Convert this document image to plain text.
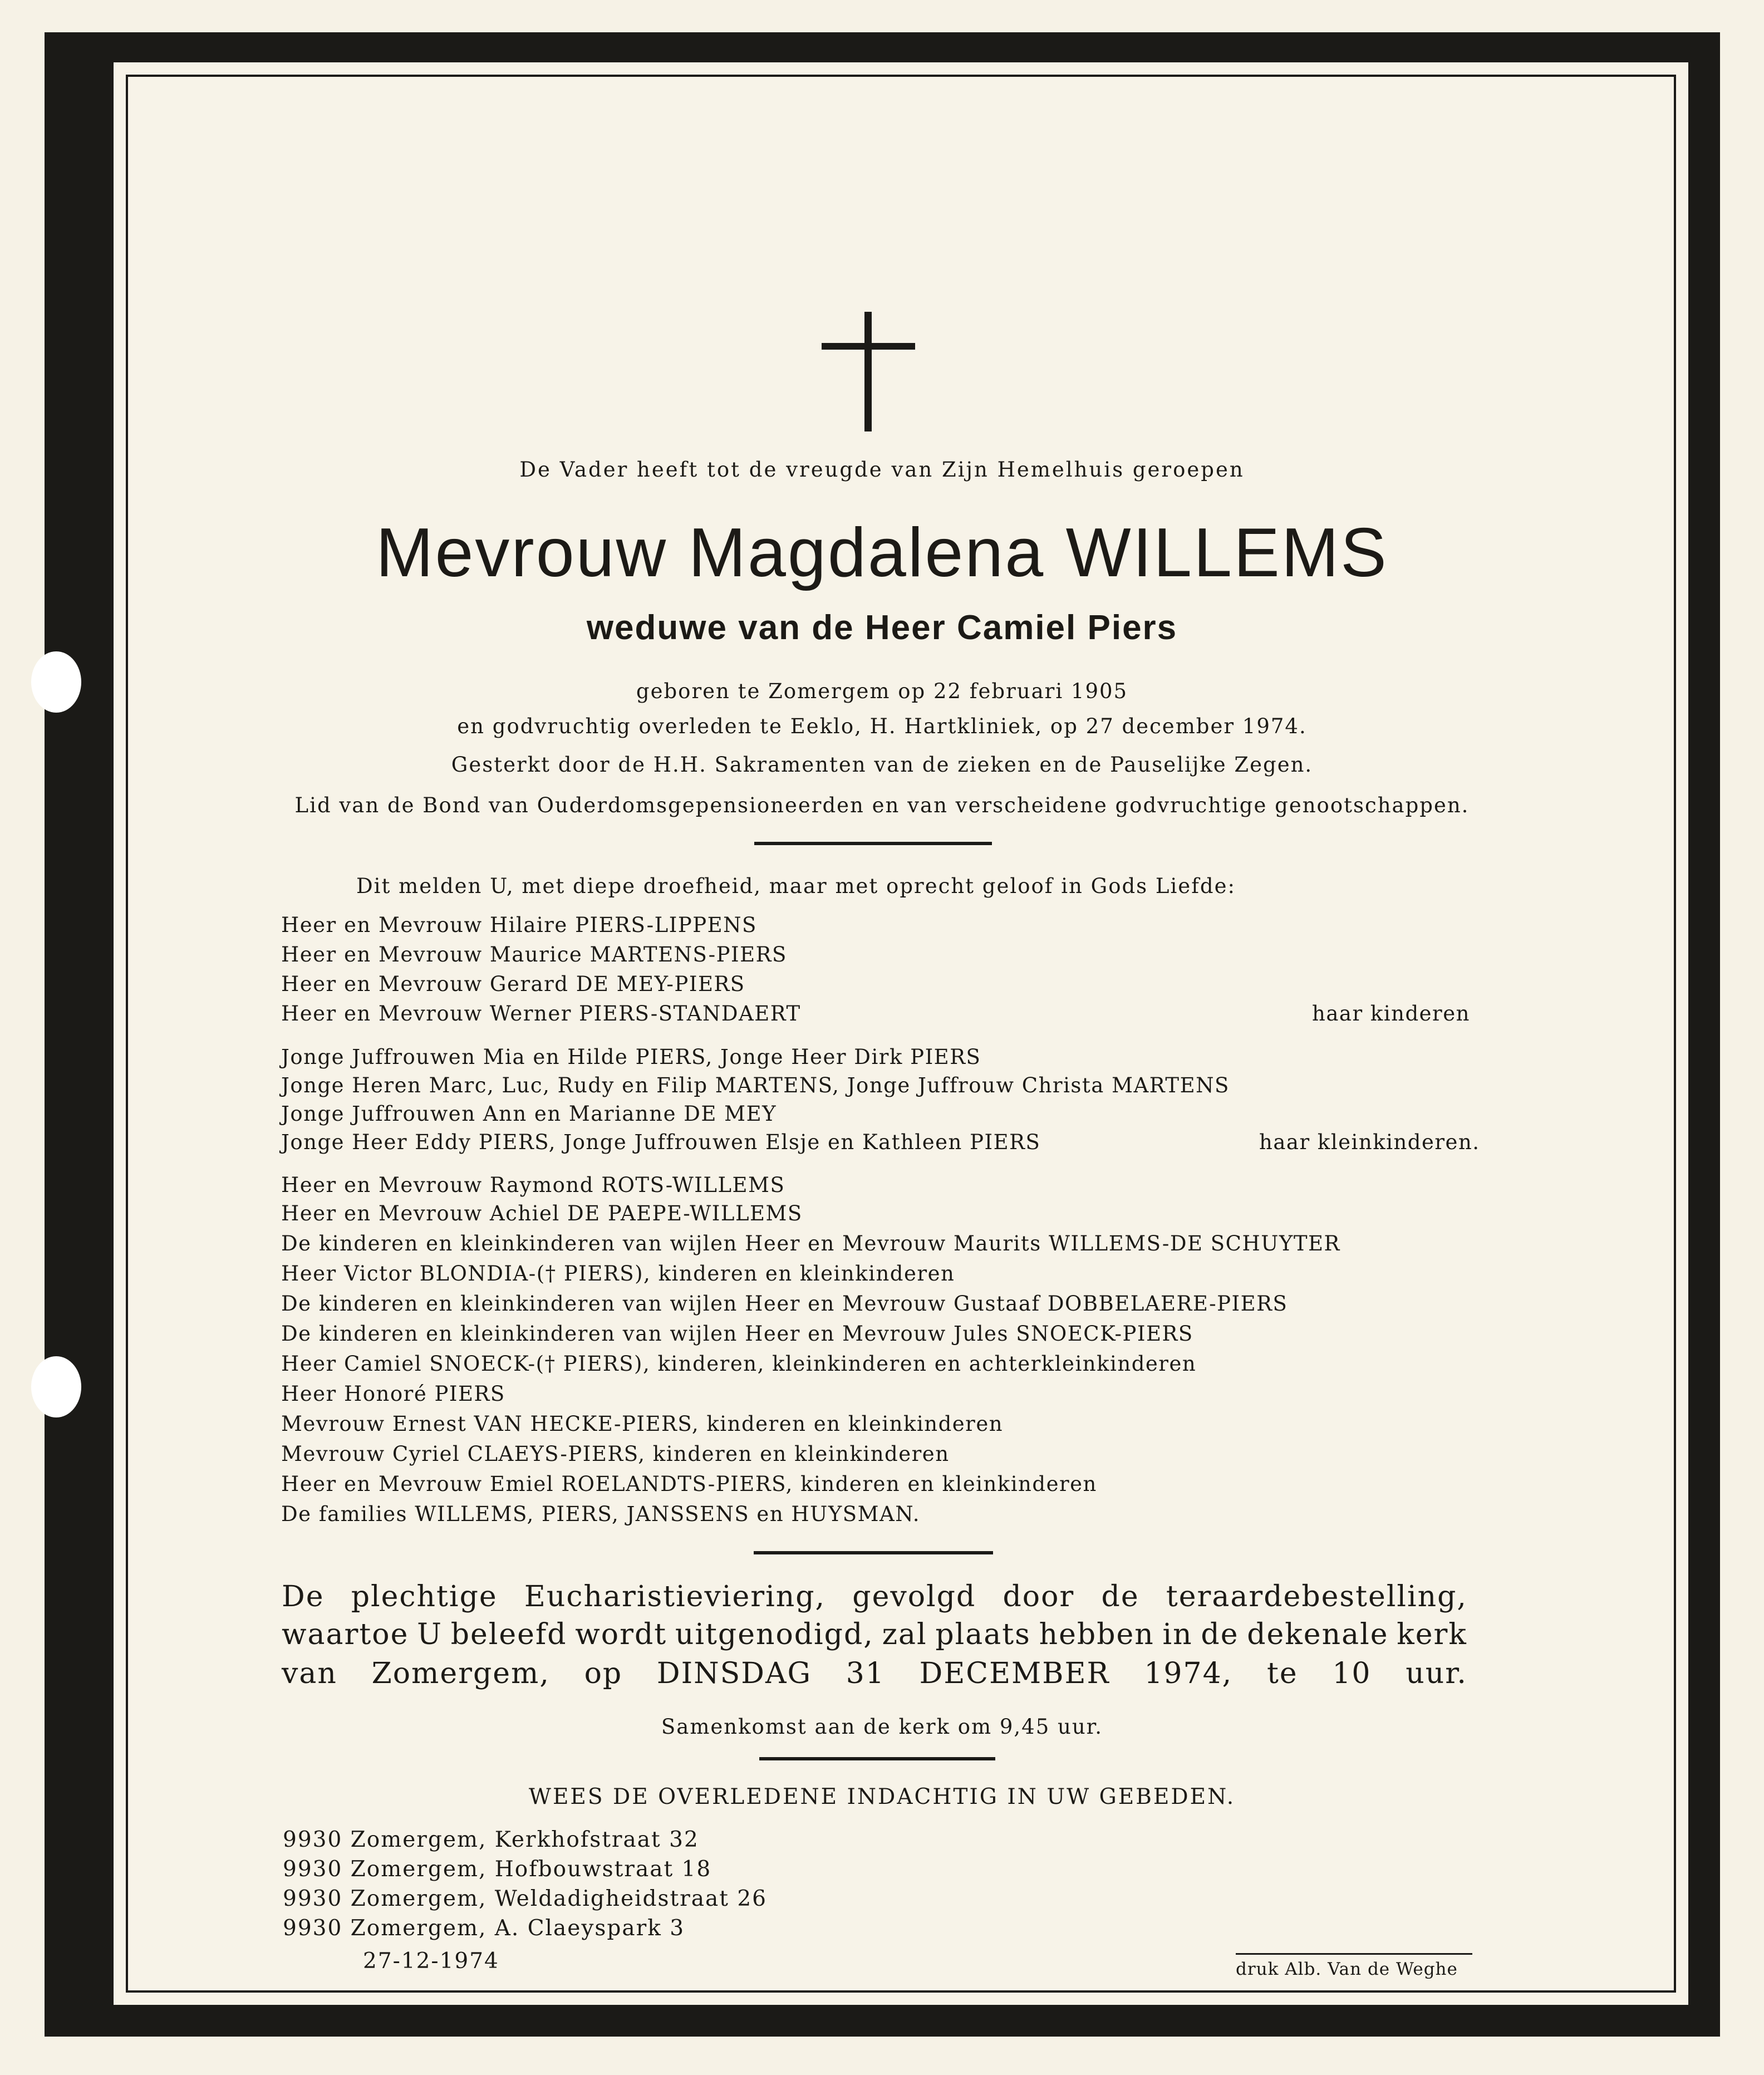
De Vader heeft tot de vreugde van Zijn Hemelhuis geroepen
Mevrouw Magdalena WILLEMS
weduwe van de Heer Camiel Piers
geboren te Zomergem op 22 februari 1905
en godvruchtig overleden te Eeklo, H. Hartkliniek, op 27 december 1974.
Gesterkt door de H.H. Sakramenten van de zieken en de Pauselijke Zegen.
Lid van de Bond van Ouderdomsgepensioneerden en van verscheidene godvruchtige genootschappen.
Dit melden U, met diepe droefheid, maar met oprecht geloof in Gods Liefde:
Heer en Mevrouw Hilaire PIERS-LIPPENS
Heer en Mevrouw Maurice MARTENS-PIERS
Heer en Mevrouw Gerard DE MEY-PIERS
Heer en Mevrouw Werner PIERS-STANDAERT	haar kinderen
Jonge Juffrouwen Mia en Hilde PIERS, Jonge Heer Dirk PIERS
Jonge Heren Marc, Luc, Rudy en Filip MARTENS, Jonge Juffrouw Christa MARTENS
Jonge Juffrouwen Ann en Marianne DE MEY
Jonge Heer Eddy PIERS, Jonge Juffrouwen Elsje en Kathleen PIERS	haar kleinkinderen.
Heer en Mevrouw Raymond ROTS-WILLEMS
Heer en Mevrouw Achiel DE PAEPE-WILLEMS
De kinderen en kleinkinderen van wijlen Heer en Mevrouw Maurits WILLEMS-DE SCHUYTER
Heer Victor BLONDIA-(† PIERS), kinderen en kleinkinderen
De kinderen en kleinkinderen van wijlen Heer en Mevrouw Gustaaf DOBBELAERE-PIERS
De kinderen en kleinkinderen van wijlen Heer en Mevrouw Jules SNOECK-PIERS
Heer Camiel SNOECK-(† PIERS), kinderen, kleinkinderen en achterkleinkinderen
Heer Honoré PIERS
Mevrouw Ernest VAN HECKE-PIERS, kinderen en kleinkinderen
Mevrouw Cyriel CLAEYS-PIERS, kinderen en kleinkinderen
Heer en Mevrouw Emiel ROELANDTS-PIERS, kinderen en kleinkinderen
De families WILLEMS, PIERS, JANSSENS en HUYSMAN.
De plechtige Eucharistieviering, gevolgd door de teraardebestelling,
waartoe U beleefd wordt uitgenodigd, zal plaats hebben in de dekenale kerk
van Zomergem, op DINSDAG 31 DECEMBER 1974, te 10 uur.
Samenkomst aan de kerk om 9,45 uur.
WEES DE OVERLEDENE INDACHTIG IN UW GEBEDEN.
9930 Zomergem, Kerkhofstraat 32
9930 Zomergem, Hofbouwstraat 18
9930 Zomergem, Weldadigheidstraat 26
9930 Zomergem, A. Claeyspark 3
27-12-1974	druk Alb. Van de Weghe
